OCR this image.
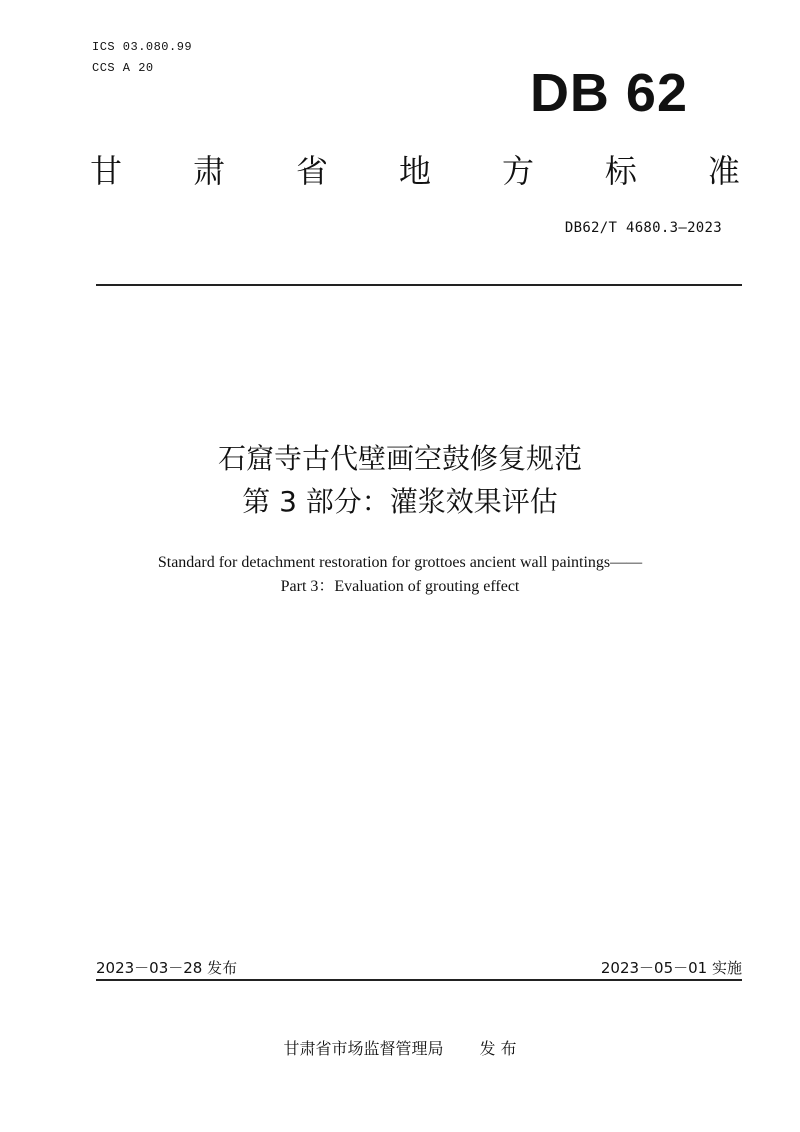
ICS 03.080.99
CCS A 20	DB 62
甘 肃 省 地 方 标 准
DB62/T 4680.3—2023
石窟寺古代壁画空鼓修复规范
第 3 部分：灌浆效果评估
Standard for detachment restoration for grottoes ancient wall paintings——
Part 3：Evaluation of grouting effect
2023－03－28 发布	2023－05－01 实施
甘肃省市场监督管理局 发 布
